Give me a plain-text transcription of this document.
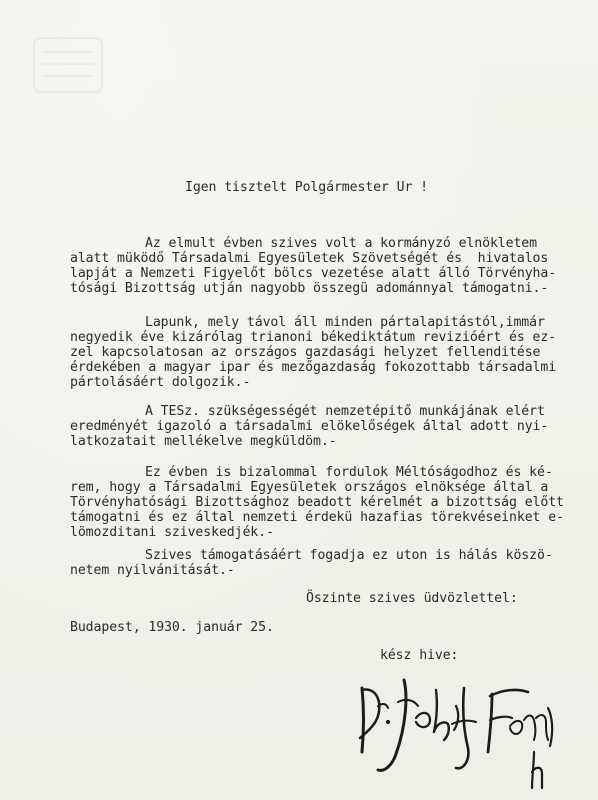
Igen tisztelt Polgármester Ur !
Az elmult évben szives volt a kormányzó elnökletem
alatt müködő Társadalmi Egyesületek Szövetségét és  hivatalos
lapját a Nemzeti Figyelőt bölcs vezetése alatt álló Törvényha-
tósági Bizottság utján nagyobb összegü adománnyal támogatni.-
Lapunk, mely távol áll minden pártalapitástól,immár
negyedik éve kizárólag trianoni békediktátum revizióért és ez-
zel kapcsolatosan az országos gazdasági helyzet fellenditése
érdekében a magyar ipar és mezőgazdaság fokozottabb társadalmi
pártolásáért dolgozik.-
A TESz. szükségességét nemzetépitő munkájának elért
eredményét igazoló a társadalmi elökelőségek által adott nyi-
latkozatait mellékelve megküldöm.-
Ez évben is bizalommal fordulok Méltóságodhoz és ké-
rem, hogy a Társadalmi Egyesületek országos elnöksége által a
Törvényhatósági Bizottsághoz beadott kérelmét a bizottság előtt
támogatni és ez által nemzeti érdekü hazafias törekvéseinket e-
lömozditani sziveskedjék.-
Szives támogatásáért fogadja ez uton is hálás köszö-
netem nyilvánitását.-
Öszinte szives üdvözlettel:
Budapest, 1930. január 25.
kész hive:
